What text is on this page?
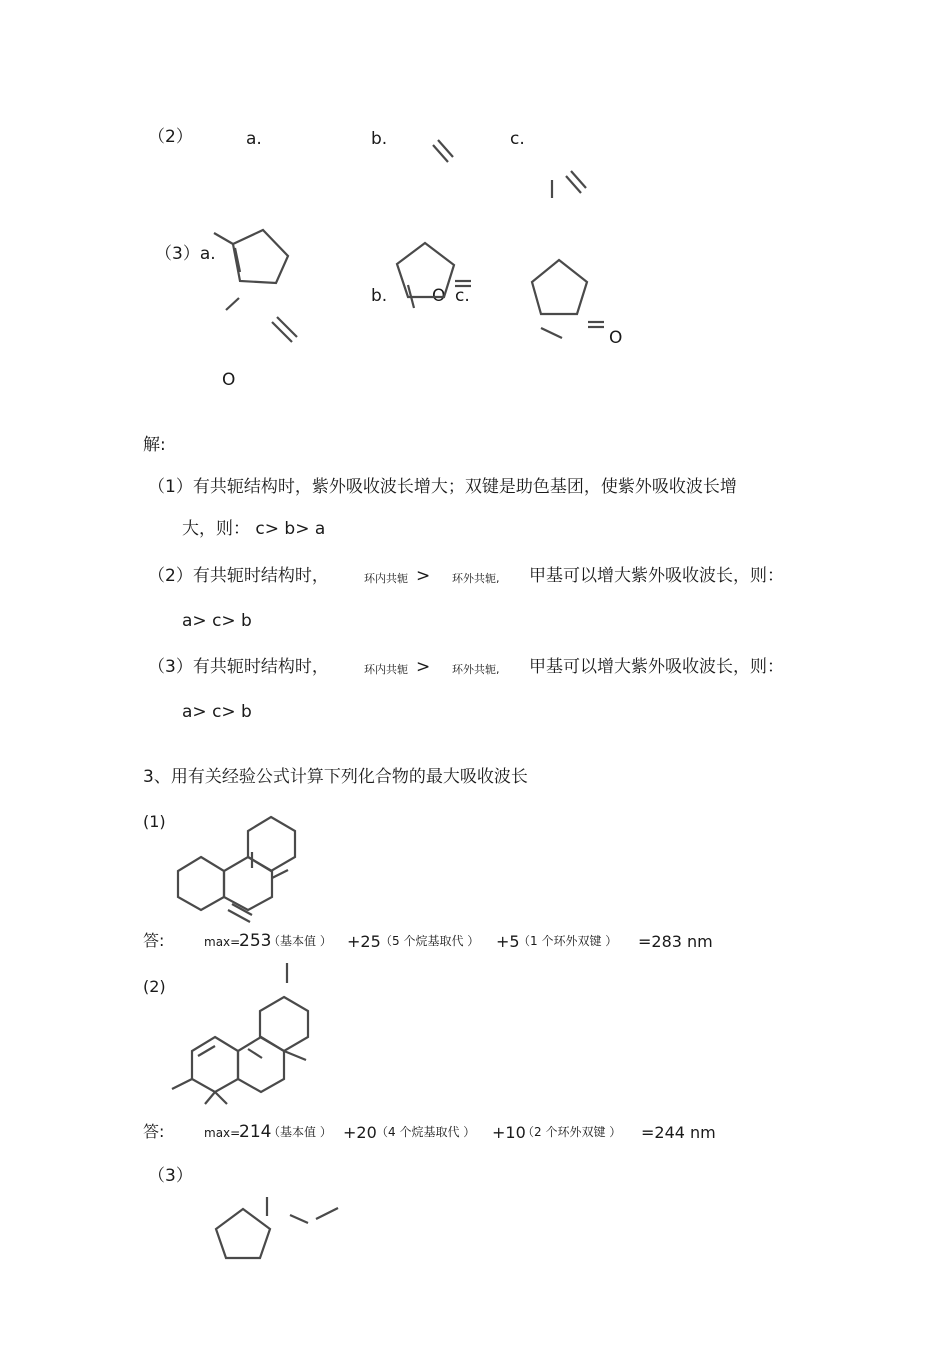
（2）	a.	b.	c.
（3）a.
b.	O c.
O
O
解:
（1）有共轭结构时，紫外吸收波长增大；双键是助色基团，使紫外吸收波长增
大，则： c> b> a
（2）有共轭时结构时，	环内共轭 > 环外共轭, 甲基可以增大紫外吸收波长，则：
a> c> b
（3）有共轭时结构时，	环内共轭 > 环外共轭, 甲基可以增大紫外吸收波长，则：
a> c> b
3、用有关经验公式计算下列化合物的最大吸收波长
(1)
答:	max=
253
（基本值 ） +25 （5 个烷基取代 ） +5
（1 个环外双键 ） =283 nm
(2)
答:	max=
214
（基本值 ） +20 （4 个烷基取代 ） +10
（2 个环外双键 ） =244 nm
（3）
